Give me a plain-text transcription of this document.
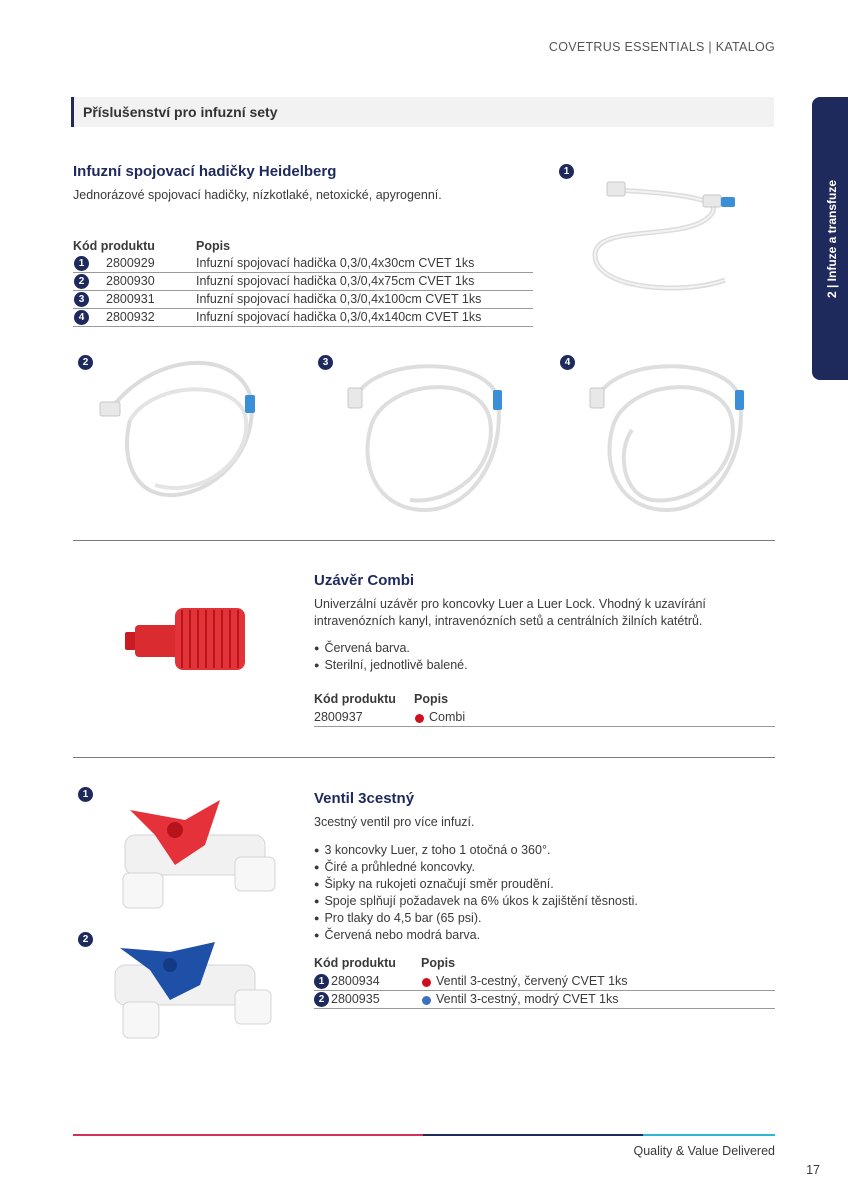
COVETRUS ESSENTIALS | KATALOG
Příslušenství pro infuzní sety
2 | Infuze a transfuze
Infuzní spojovací hadičky Heidelberg
Jednorázové spojovací hadičky, nízkotlaké, netoxické, apyrogenní.
Kód produktu	Popis
1	2800929	Infuzní spojovací hadička 0,3/0,4x30cm CVET 1ks
2	2800930	Infuzní spojovací hadička 0,3/0,4x75cm CVET 1ks
3	2800931	Infuzní spojovací hadička 0,3/0,4x100cm CVET 1ks
4	2800932	Infuzní spojovací hadička 0,3/0,4x140cm CVET 1ks
1
2	3	4
Uzávěr Combi
Univerzální uzávěr pro koncovky Luer a Luer Lock. Vhodný k uzavírání intravenózních kanyl, intravenózních setů a centrálních žilních katétrů.
● Červená barva.
● Sterilní, jednotlivě balené.
Kód produktu Popis
2800937	Combi
1
2
Ventil 3cestný
3cestný ventil pro více infuzí.
● 3 koncovky Luer, z toho 1 otočná o 360°.
● Čiré a průhledné koncovky.
● Šipky na rukojeti označují směr proudění.
● Spoje splňují požadavek na 6% úkos k zajištění těsnosti.
● Pro tlaky do 4,5 bar (65 psi).
● Červená nebo modrá barva.
Kód produktu Popis
1 2800934	Ventil 3-cestný, červený CVET 1ks
2 2800935	Ventil 3-cestný, modrý CVET 1ks
Quality & Value Delivered
17
